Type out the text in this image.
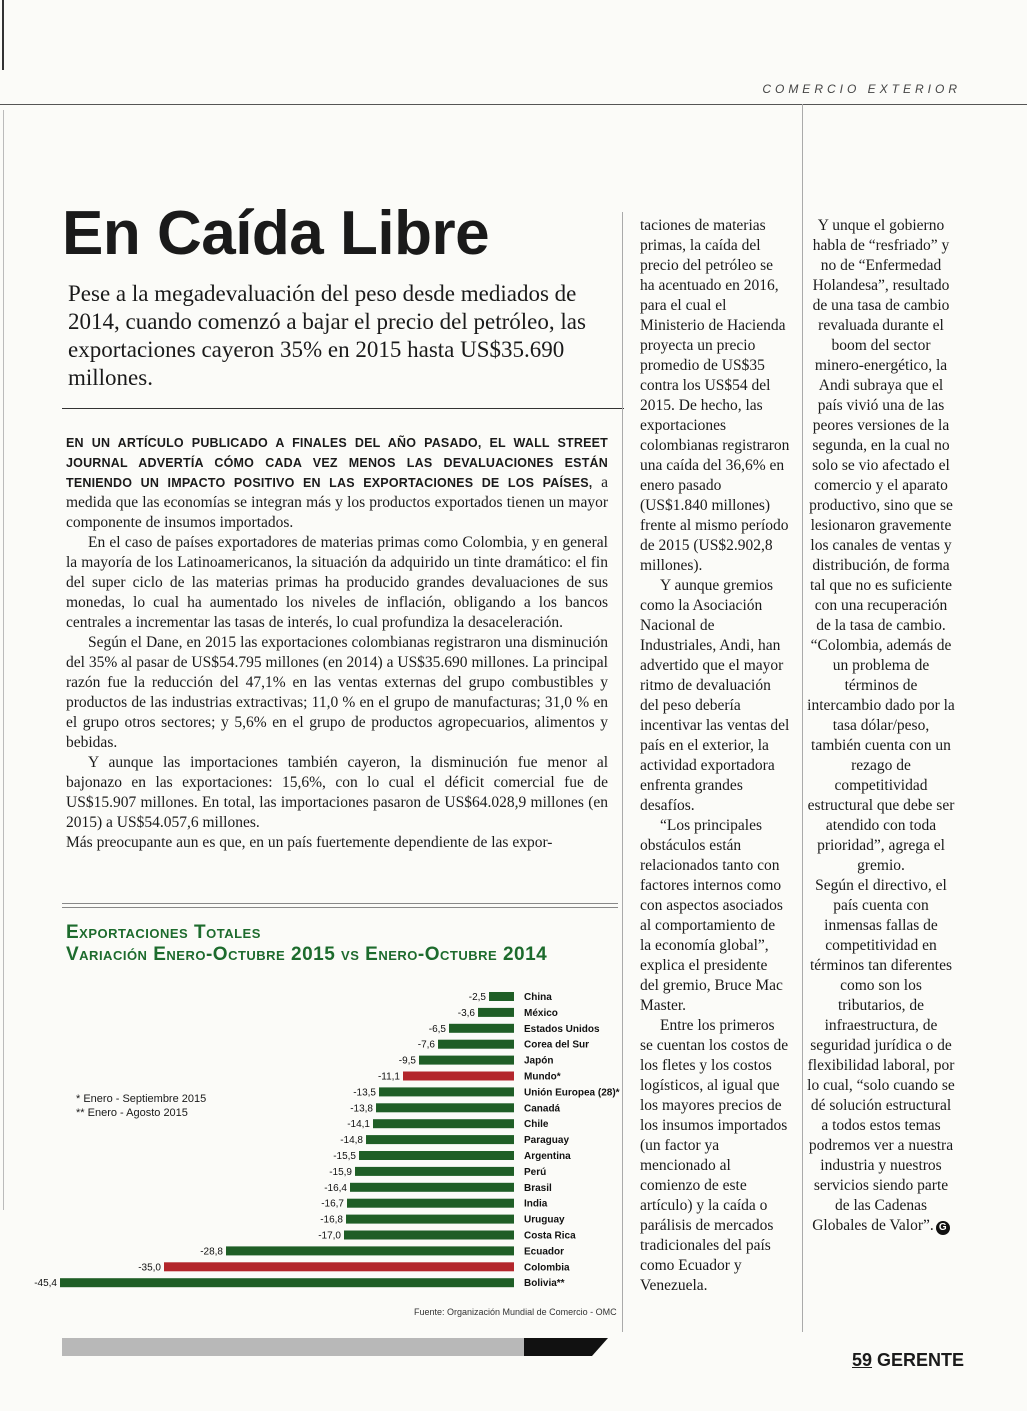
COMERCIO EXTERIOR
En Caída Libre
Pese a la megadevaluación del peso desde mediados de 2014, cuando comenzó a bajar el precio del petróleo, las exportaciones cayeron 35% en 2015 hasta US$35.690 millones.

EN UN ARTÍCULO PUBLICADO A FINALES DEL AÑO PASADO, EL WALL STREET JOURNAL ADVERTÍA CÓMO CADA VEZ MENOS LAS DEVALUACIONES ESTÁN TENIENDO UN IMPACTO POSITIVO EN LAS EXPORTACIONES DE LOS PAÍSES, a medida que las economías se integran más y los productos exportados tienen un mayor componente de insumos importados.

En el caso de países exportadores de materias primas como Colombia, y en general la mayoría de los Latinoamericanos, la situación da adquirido un tinte dramático: el fin del super ciclo de las materias primas ha producido grandes devaluaciones de sus monedas, lo cual ha aumentado los niveles de inflación, obligando a los bancos centrales a incrementar las tasas de interés, lo cual profundiza la desaceleración.

Según el Dane, en 2015 las exportaciones colombianas registraron una disminución del 35% al pasar de US$54.795 millones (en 2014) a US$35.690 millones. La principal razón fue la reducción del 47,1% en las ventas externas del grupo combustibles y productos de las industrias extractivas; 11,0 % en el grupo de manufacturas; 31,0 % en el grupo otros sectores; y 5,6% en el grupo de productos agropecuarios, alimentos y bebidas.

Y aunque las importaciones también cayeron, la disminución fue menor al bajonazo en las exportaciones: 15,6%, con lo cual el déficit comercial fue de US$15.907 millones. En total, las importaciones pasaron de US$64.028,9 millones (en 2015) a US$54.057,6 millones.

Más preocupante aun es que, en un país fuertemente dependiente de las expor-

taciones de materias primas, la caída del precio del petróleo se ha acentuado en 2016, para el cual el Ministerio de Hacienda proyecta un precio promedio de US$35 contra los US$54 del 2015. De hecho, las exportaciones colombianas registraron una caída del 36,6% en enero pasado (US$1.840 millones) frente al mismo período de 2015 (US$2.902,8 millones).

Y aunque gremios como la Asociación Nacional de Industriales, Andi, han advertido que el mayor ritmo de devaluación del peso debería incentivar las ventas del país en el exterior, la actividad exportadora enfrenta grandes desafíos.

“Los principales obstáculos están relacionados tanto con factores internos como con aspectos asociados al comportamiento de la economía global”, explica el presidente del gremio, Bruce Mac Master.

Entre los primeros se cuentan los costos de los fletes y los costos logísticos, al igual que los mayores precios de los insumos importados (un factor ya mencionado al comienzo de este artículo) y la caída o parálisis de mercados tradicionales del país como Ecuador y Venezuela.

Y unque el gobierno habla de “resfriado” y no de “Enfermedad Holandesa”, resultado de una tasa de cambio revaluada durante el boom del sector minero-energético, la Andi subraya que el país vivió una de las peores versiones de la segunda, en la cual no solo se vio afectado el comercio y el aparato productivo, sino que se lesionaron gravemente los canales de ventas y distribución, de forma tal que no es suficiente con una recuperación de la tasa de cambio.

“Colombia, además de un problema de términos de intercambio dado por la tasa dólar/peso, también cuenta con un rezago de competitividad estructural que debe ser atendido con toda prioridad”, agrega el gremio.

Según el directivo, el país cuenta con inmensas fallas de competitividad en términos tan diferentes como son los tributarios, de infraestructura, de seguridad jurídica o de flexibilidad laboral, por lo cual, “solo cuando se dé solución estructural a todos estos temas podremos ver a nuestra industria y nuestros servicios siendo parte de las Cadenas Globales de Valor”. G

Exportaciones Totales
Variación Enero-Octubre 2015 vs Enero-Octubre 2014
* Enero - Septiembre 2015
** Enero - Agosto 2015
-2,5	China
-3,6	México
-6,5	Estados Unidos
-7,6	Corea del Sur
-9,5	Japón
-11,1	Mundo*
-13,5	Unión Europea (28)*
-13,8	Canadá
-14,1	Chile
-14,8	Paraguay
-15,5	Argentina
-15,9	Perú
-16,4	Brasil
-16,7	India
-16,8	Uruguay
-17,0	Costa Rica
-28,8	Ecuador
-35,0	Colombia
-45,4	Bolivia**
Fuente: Organización Mundial de Comercio - OMC
59 GERENTE
